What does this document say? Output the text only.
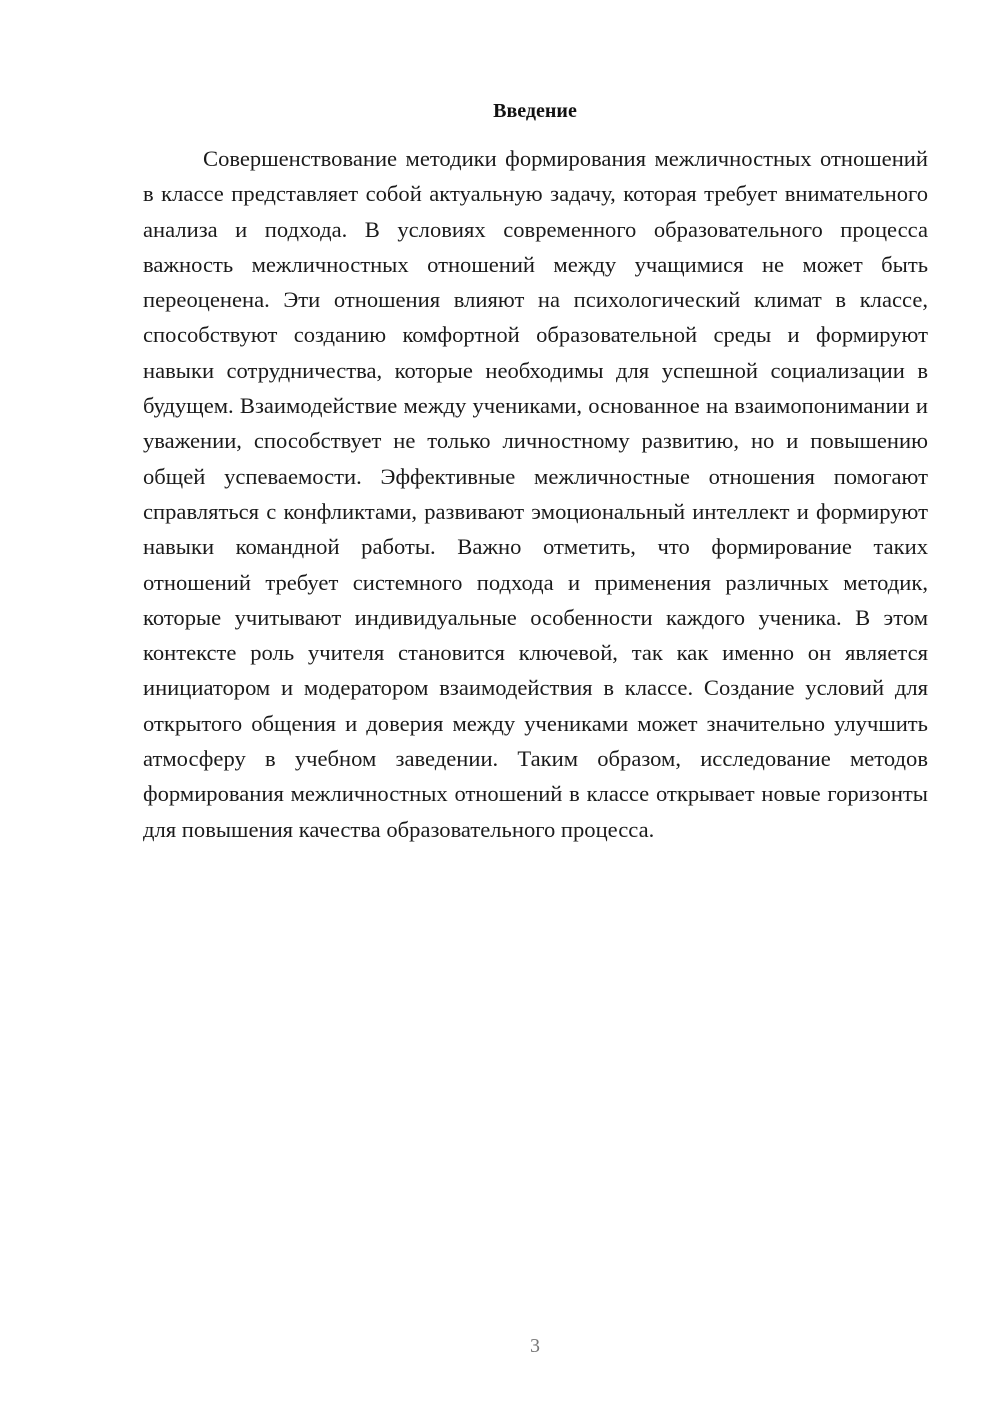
Введение

Совершенствование методики формирования межличностных отношений в классе представляет собой актуальную задачу, которая требует внимательного анализа и подхода. В условиях современного образовательного процесса важность межличностных отношений между учащимися не может быть переоценена. Эти отношения влияют на психологический климат в классе, способствуют созданию комфортной образовательной среды и формируют навыки сотрудничества, которые необходимы для успешной социализации в будущем. Взаимодействие между учениками, основанное на взаимопонимании и уважении, способствует не только личностному развитию, но и повышению общей успеваемости. Эффективные межличностные отношения помогают справляться с конфликтами, развивают эмоциональный интеллект и формируют навыки командной работы. Важно отметить, что формирование таких отношений требует системного подхода и применения различных методик, которые учитывают индивидуальные особенности каждого ученика. В этом контексте роль учителя становится ключевой, так как именно он является инициатором и модератором взаимодействия в классе. Создание условий для открытого общения и доверия между учениками может значительно улучшить атмосферу в учебном заведении. Таким образом, исследование методов формирования межличностных отношений в классе открывает новые горизонты для повышения качества образовательного процесса.

3
